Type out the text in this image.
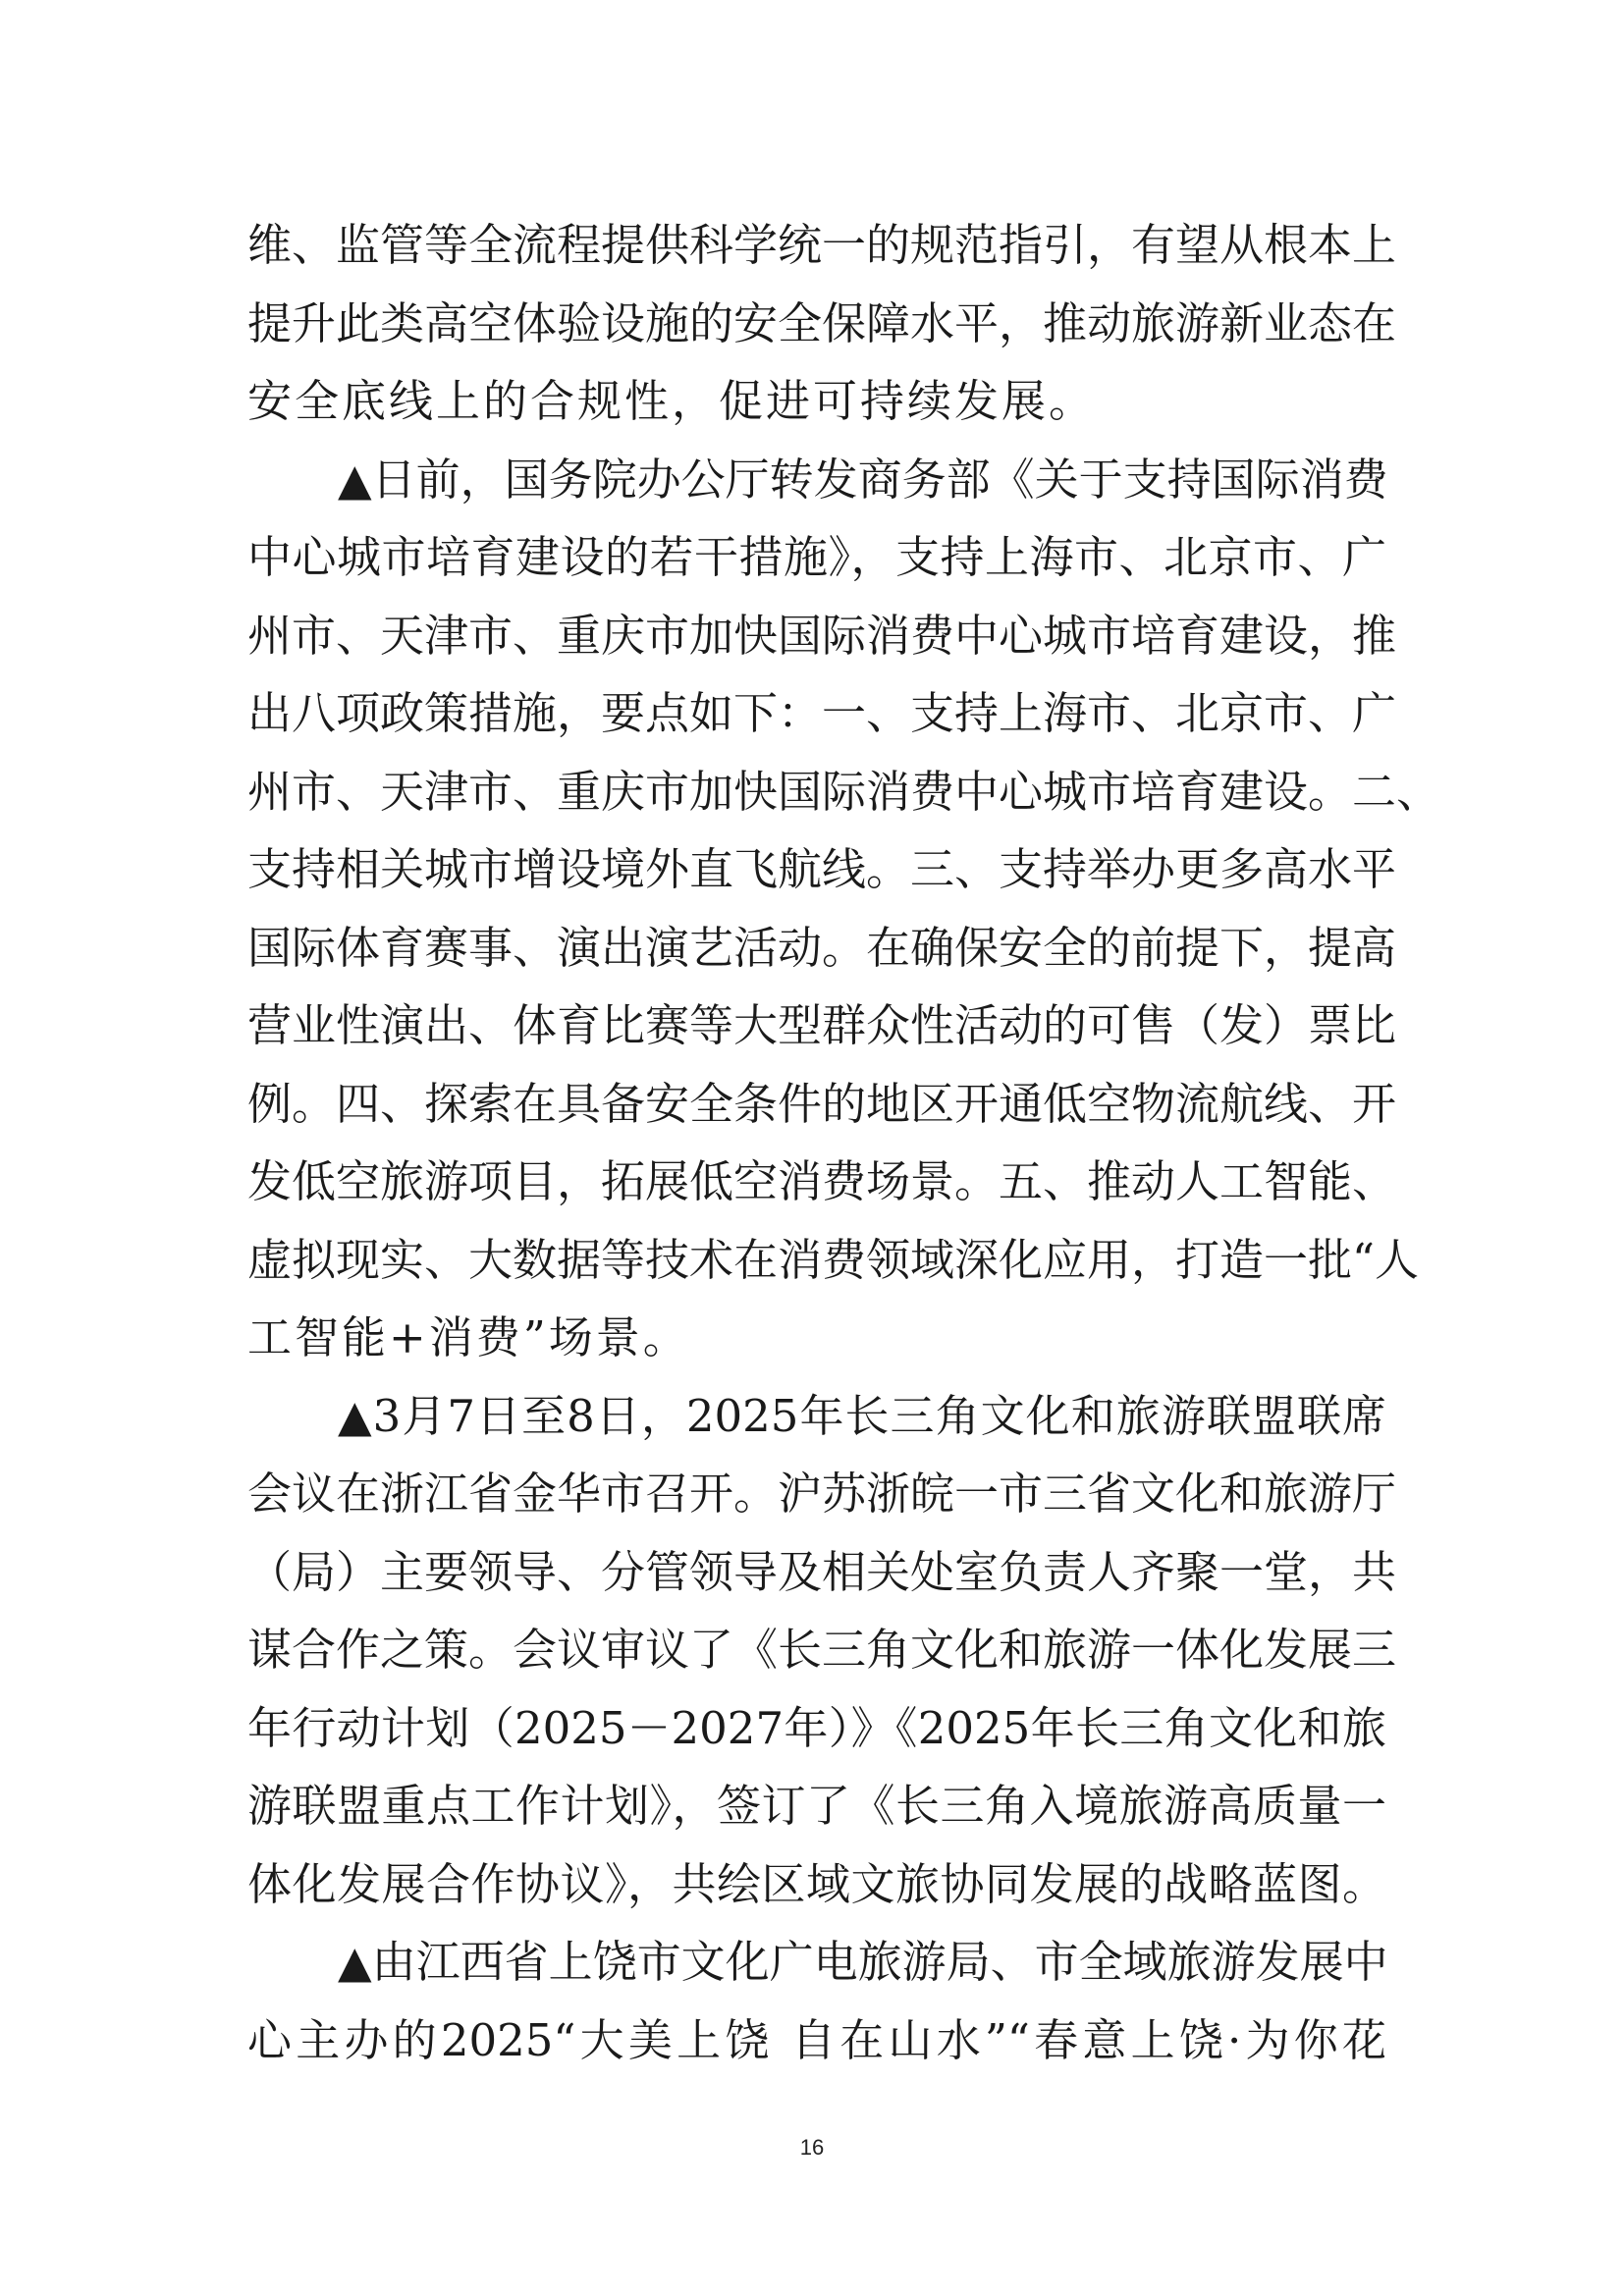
维、监管等全流程提供科学统一的规范指引，有望从根本上
提升此类高空体验设施的安全保障水平，推动旅游新业态在
安全底线上的合规性，促进可持续发展。
▲日前，国务院办公厅转发商务部《关于支持国际消费
中心城市培育建设的若干措施》，支持上海市、北京市、广
州市、天津市、重庆市加快国际消费中心城市培育建设，推
出八项政策措施，要点如下：一、支持上海市、北京市、广
州市、天津市、重庆市加快国际消费中心城市培育建设。二、
支持相关城市增设境外直飞航线。三、支持举办更多高水平
国际体育赛事、演出演艺活动。在确保安全的前提下，提高
营业性演出、体育比赛等大型群众性活动的可售（发）票比
例。四、探索在具备安全条件的地区开通低空物流航线、开
发低空旅游项目，拓展低空消费场景。五、推动人工智能、
虚拟现实、大数据等技术在消费领域深化应用，打造一批“人
工智能+消费”场景。
▲3月7日至8日，2025年长三角文化和旅游联盟联席
会议在浙江省金华市召开。沪苏浙皖一市三省文化和旅游厅
（局）主要领导、分管领导及相关处室负责人齐聚一堂，共
谋合作之策。会议审议了《长三角文化和旅游一体化发展三
年行动计划（2025－2027年）》《2025年长三角文化和旅
游联盟重点工作计划》，签订了《长三角入境旅游高质量一
体化发展合作协议》，共绘区域文旅协同发展的战略蓝图。
▲由江西省上饶市文化广电旅游局、市全域旅游发展中
心主办的2025“大美上饶 自在山水”“春意上饶·为你花
16
